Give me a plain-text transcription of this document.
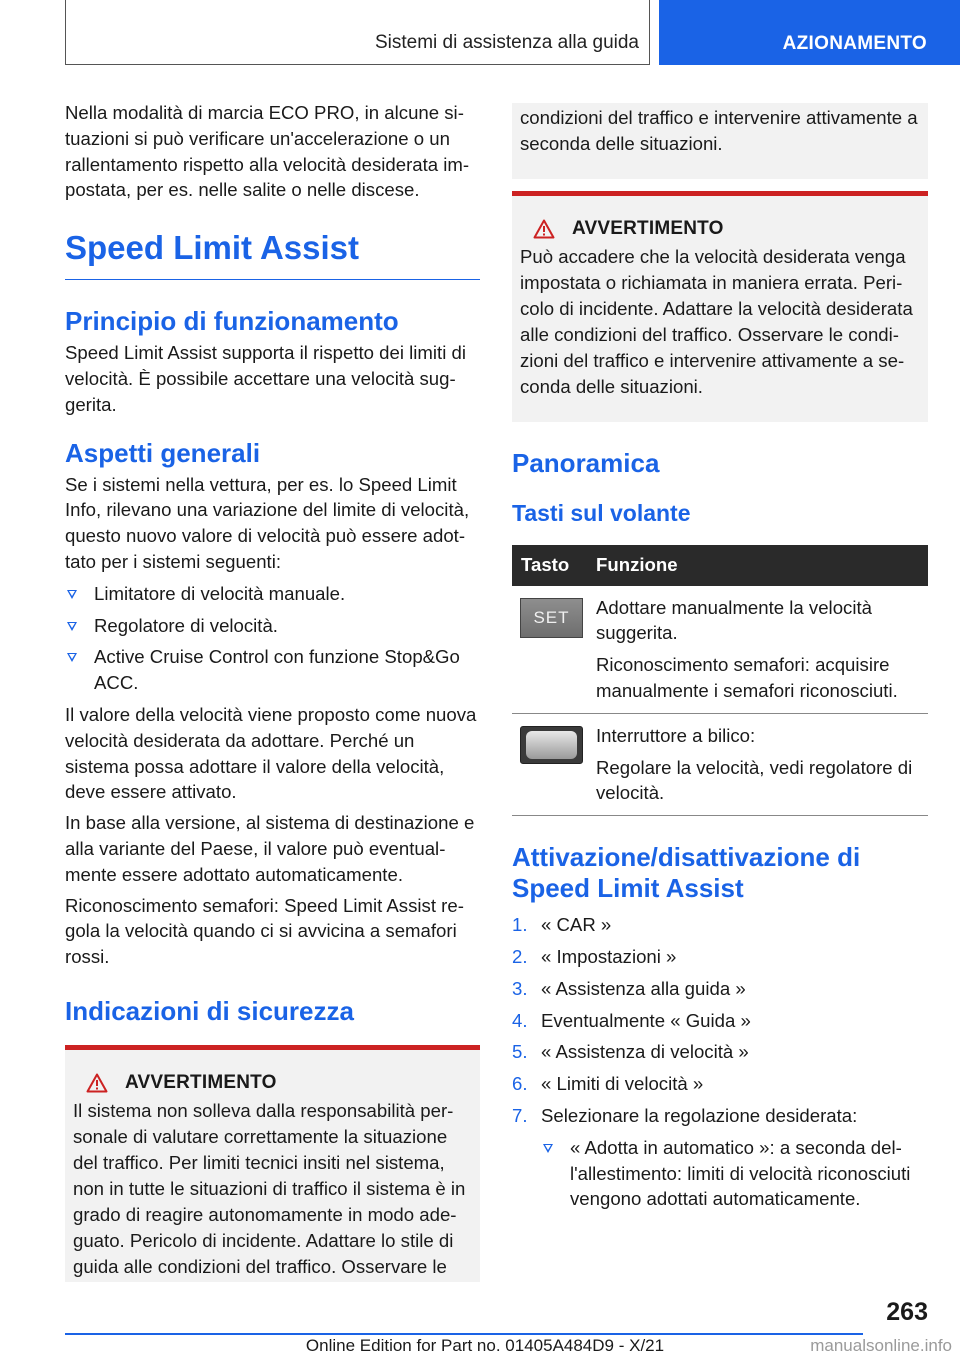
Sistemi di assistenza alla guida	AZIONAMENTO

Nella modalità di marcia ECO PRO, in alcune situazioni si può verificare un'accelerazione o un rallentamento rispetto alla velocità desiderata impostata, per es. nelle salite o nelle discese.

Speed Limit Assist
Principio di funzionamento

Speed Limit Assist supporta il rispetto dei limiti di velocità. È possibile accettare una velocità suggerita.

Aspetti generali

Se i sistemi nella vettura, per es. lo Speed Limit Info, rilevano una variazione del limite di velocità, questo nuovo valore di velocità può essere adottato per i sistemi seguenti:

Limitatore di velocità manuale.
Regolatore di velocità.
Active Cruise Control con funzione Stop&Go ACC.

Il valore della velocità viene proposto come nuova velocità desiderata da adottare. Perché un sistema possa adottare il valore della velocità, deve essere attivato.

In base alla versione, al sistema di destinazione e alla variante del Paese, il valore può eventualmente essere adottato automaticamente.

Riconoscimento semafori: Speed Limit Assist regola la velocità quando ci si avvicina a semafori rossi.

Indicazioni di sicurezza
AVVERTIMENTO

Il sistema non solleva dalla responsabilità personale di valutare correttamente la situazione del traffico. Per limiti tecnici insiti nel sistema, non in tutte le situazioni di traffico il sistema è in grado di reagire autonomamente in modo adeguato. Pericolo di incidente. Adattare lo stile di guida alle condizioni del traffico. Osservare le

condizioni del traffico e intervenire attivamente a seconda delle situazioni.

AVVERTIMENTO

Può accadere che la velocità desiderata venga impostata o richiamata in maniera errata. Pericolo di incidente. Adattare la velocità desiderata alle condizioni del traffico. Osservare le condizioni del traffico e intervenire attivamente a seconda delle situazioni.

Panoramica
Tasti sul volante
Tasto	Funzione

SET	Adottare manualmente la velocità suggerita.

Riconoscimento semafori: acquisire manualmente i semafori riconosciuti.

	Interruttore a bilico:

Regolare la velocità, vedi regolatore di velocità.

Attivazione/disattivazione di Speed Limit Assist
1. « CAR »
2. « Impostazioni »
3. « Assistenza alla guida »
4. Eventualmente « Guida »
5. « Assistenza di velocità »
6. « Limiti di velocità »
7. Selezionare la regolazione desiderata:
« Adotta in automatico »: a seconda dell'allestimento: limiti di velocità riconosciuti vengono adottati automaticamente.
263
Online Edition for Part no. 01405A484D9 - X/21	manualsonline.info
